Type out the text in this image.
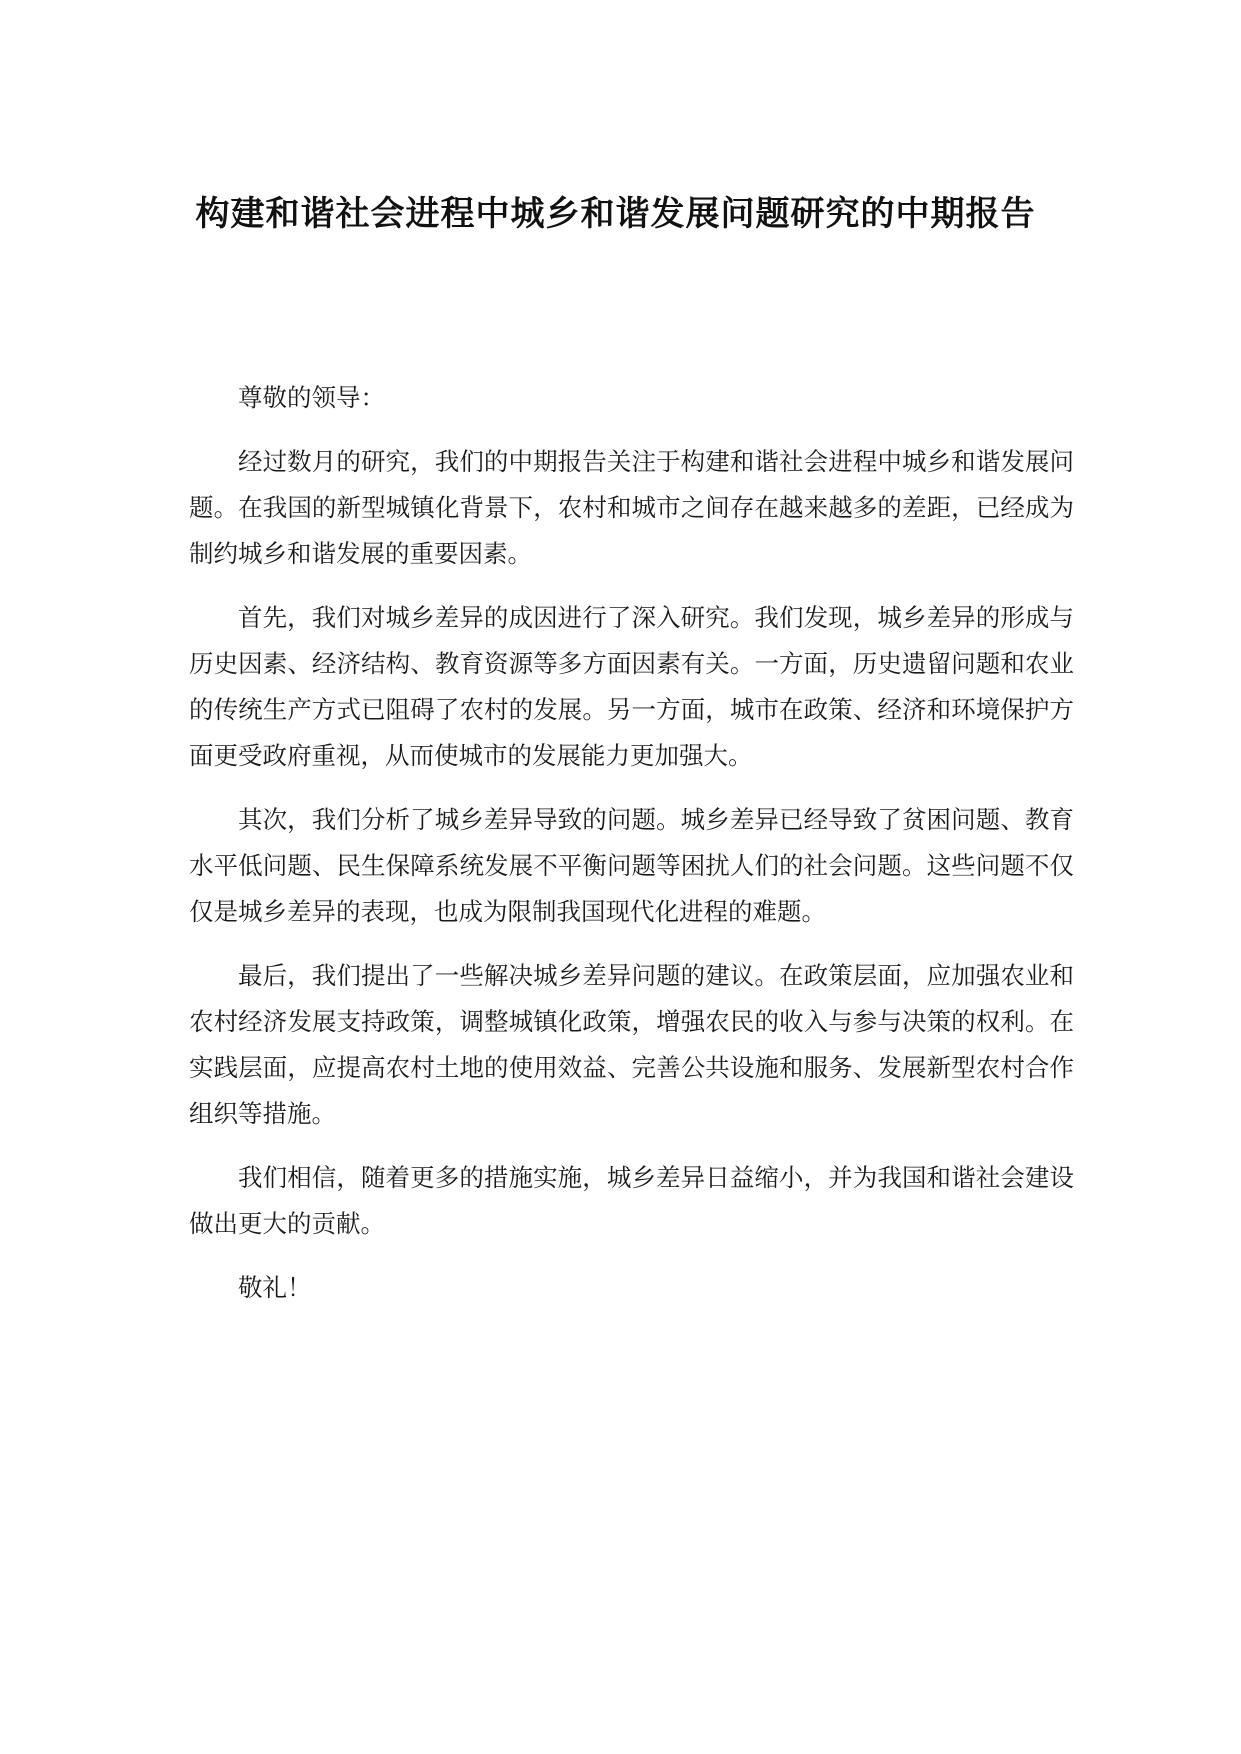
构建和谐社会进程中城乡和谐发展问题研究的中期报告

尊敬的领导：

经过数月的研究，我们的中期报告关注于构建和谐社会进程中城乡和谐发展问题。在我国的新型城镇化背景下，农村和城市之间存在越来越多的差距，已经成为制约城乡和谐发展的重要因素。

首先，我们对城乡差异的成因进行了深入研究。我们发现，城乡差异的形成与历史因素、经济结构、教育资源等多方面因素有关。一方面，历史遗留问题和农业的传统生产方式已阻碍了农村的发展。另一方面，城市在政策、经济和环境保护方面更受政府重视，从而使城市的发展能力更加强大。

其次，我们分析了城乡差异导致的问题。城乡差异已经导致了贫困问题、教育水平低问题、民生保障系统发展不平衡问题等困扰人们的社会问题。这些问题不仅仅是城乡差异的表现，也成为限制我国现代化进程的难题。

最后，我们提出了一些解决城乡差异问题的建议。在政策层面，应加强农业和农村经济发展支持政策，调整城镇化政策，增强农民的收入与参与决策的权利。在实践层面，应提高农村土地的使用效益、完善公共设施和服务、发展新型农村合作组织等措施。

我们相信，随着更多的措施实施，城乡差异日益缩小，并为我国和谐社会建设做出更大的贡献。

敬礼！
